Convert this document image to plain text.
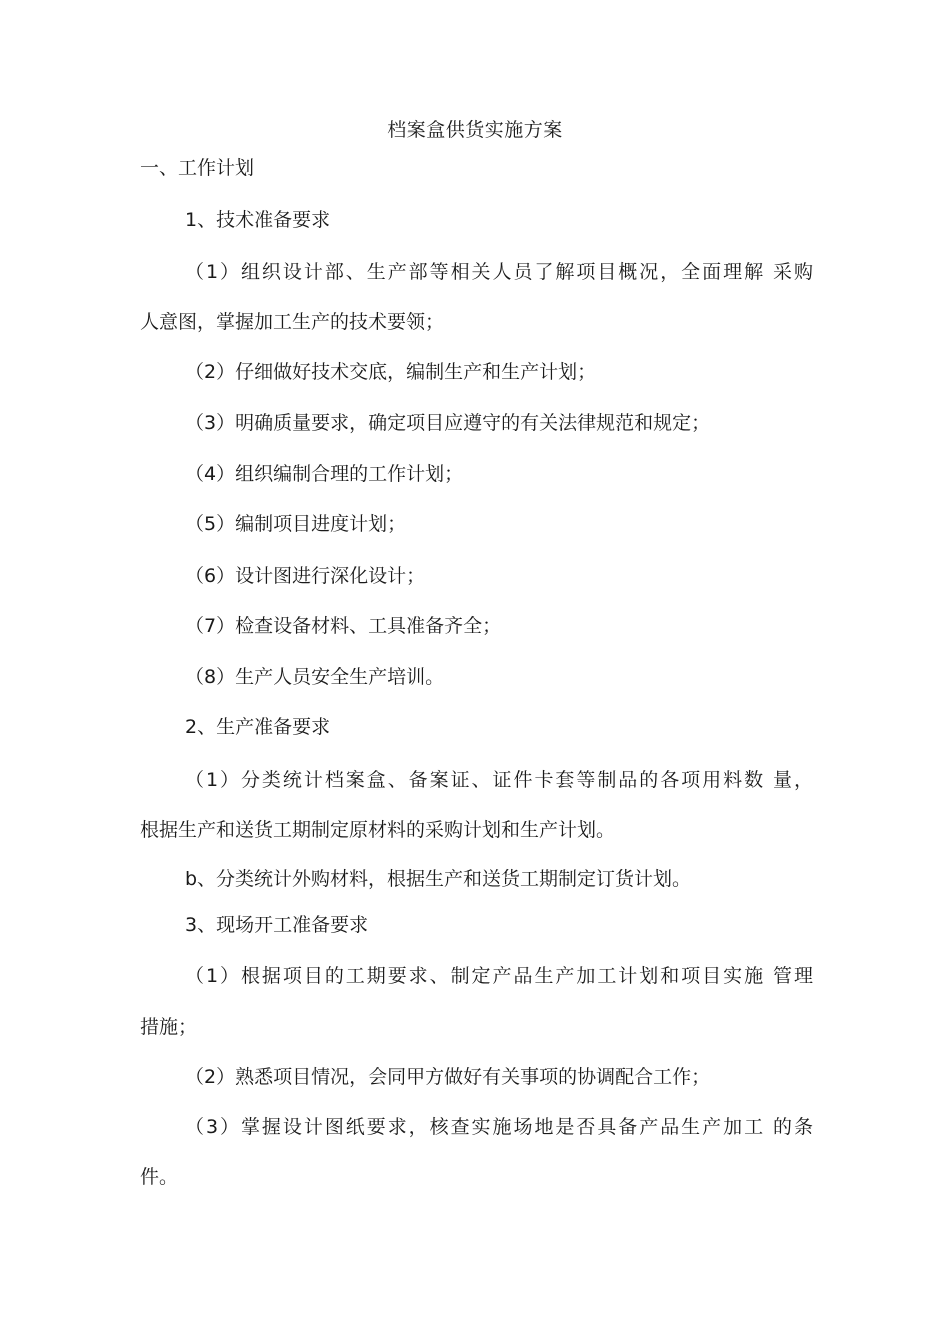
档案盒供货实施方案
一、工作计划
1、技术准备要求
（1）组织设计部、生产部等相关人员了解项目概况，全面理解 采购
人意图，掌握加工生产的技术要领；
（2）仔细做好技术交底，编制生产和生产计划；
（3）明确质量要求，确定项目应遵守的有关法律规范和规定；
（4）组织编制合理的工作计划；
（5）编制项目进度计划；
（6）设计图进行深化设计；
（7）检查设备材料、工具准备齐全；
（8）生产人员安全生产培训。
2、生产准备要求
（1）分类统计档案盒、备案证、证件卡套等制品的各项用料数 量，
根据生产和送货工期制定原材料的采购计划和生产计划。
b、分类统计外购材料，根据生产和送货工期制定订货计划。
3、现场开工准备要求
（1）根据项目的工期要求、制定产品生产加工计划和项目实施 管理
措施；
（2）熟悉项目情况，会同甲方做好有关事项的协调配合工作；
（3）掌握设计图纸要求，核查实施场地是否具备产品生产加工 的条
件。
